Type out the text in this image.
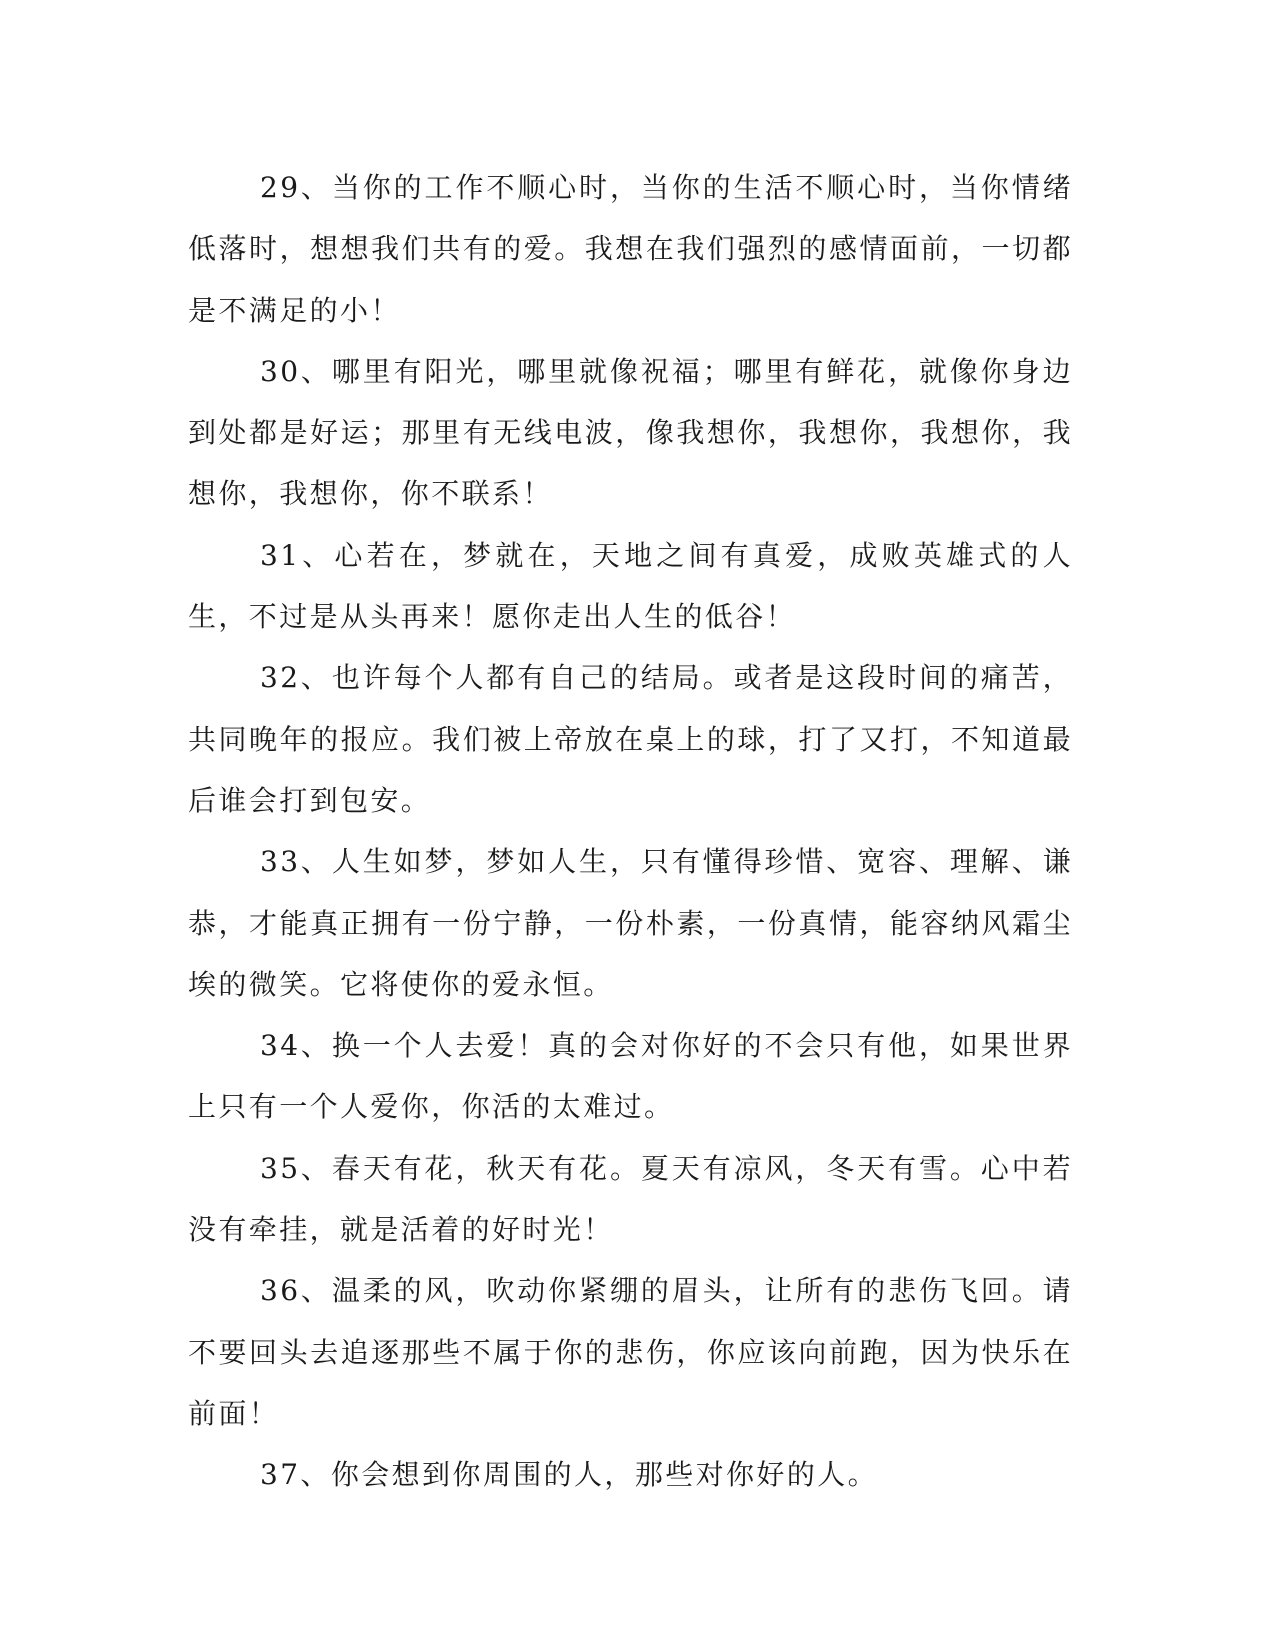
29、当你的工作不顺心时，当你的生活不顺心时，当你情绪低落时，想想我们共有的爱。我想在我们强烈的感情面前，一切都是不满足的小！

30、哪里有阳光，哪里就像祝福；哪里有鲜花，就像你身边到处都是好运；那里有无线电波，像我想你，我想你，我想你，我想你，我想你，你不联系！

31、心若在，梦就在，天地之间有真爱，成败英雄式的人生，不过是从头再来！愿你走出人生的低谷！

32、也许每个人都有自己的结局。或者是这段时间的痛苦，共同晚年的报应。我们被上帝放在桌上的球，打了又打，不知道最后谁会打到包安。

33、人生如梦，梦如人生，只有懂得珍惜、宽容、理解、谦恭，才能真正拥有一份宁静，一份朴素，一份真情，能容纳风霜尘埃的微笑。它将使你的爱永恒。

34、换一个人去爱！真的会对你好的不会只有他，如果世界上只有一个人爱你，你活的太难过。

35、春天有花，秋天有花。夏天有凉风，冬天有雪。心中若没有牵挂，就是活着的好时光！

36、温柔的风，吹动你紧绷的眉头，让所有的悲伤飞回。请不要回头去追逐那些不属于你的悲伤，你应该向前跑，因为快乐在前面！

37、你会想到你周围的人，那些对你好的人。
